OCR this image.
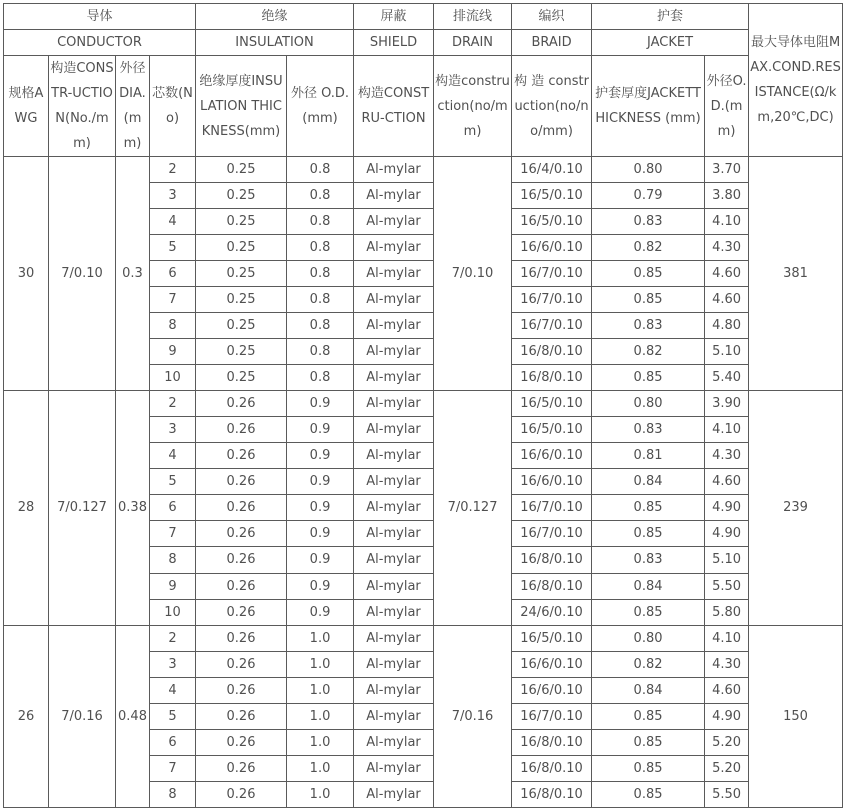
导体				绝缘		屏蔽	排流线	编织	护套		最大导体电阻MAX.COND.RESISTANCE(Ω/km,20℃,DC)
CONDUCTOR				INSULATION		SHIELD	DRAIN	BRAID	JACKET		
规格AWG	构造CONSTR-UCTION(No./mm)	外径DIA.(mm)	芯数(No)	绝缘厚度INSULATION THICKNESS(mm)	外径 O.D.(mm)	构造CONSTRU-CTION	构造construction(no/mm)	构 造 construction(no/no/mm)	护套厚度JACKETTHICKNESS (mm)	外径O.D.(mm)	
30	7/0.10	0.3	2	0.25	0.8	Al-mylar	7/0.10	16/4/0.10	0.80	3.70	381
			3	0.25	0.8	Al-mylar		16/5/0.10	0.79	3.80	
			4	0.25	0.8	Al-mylar		16/5/0.10	0.83	4.10	
			5	0.25	0.8	Al-mylar		16/6/0.10	0.82	4.30	
			6	0.25	0.8	Al-mylar		16/7/0.10	0.85	4.60	
			7	0.25	0.8	Al-mylar		16/7/0.10	0.85	4.60	
			8	0.25	0.8	Al-mylar		16/7/0.10	0.83	4.80	
			9	0.25	0.8	Al-mylar		16/8/0.10	0.82	5.10	
			10	0.25	0.8	Al-mylar		16/8/0.10	0.85	5.40	
28	7/0.127	0.38	2	0.26	0.9	Al-mylar	7/0.127	16/5/0.10	0.80	3.90	239
			3	0.26	0.9	Al-mylar		16/5/0.10	0.83	4.10	
			4	0.26	0.9	Al-mylar		16/6/0.10	0.81	4.30	
			5	0.26	0.9	Al-mylar		16/6/0.10	0.84	4.60	
			6	0.26	0.9	Al-mylar		16/7/0.10	0.85	4.90	
			7	0.26	0.9	Al-mylar		16/7/0.10	0.85	4.90	
			8	0.26	0.9	Al-mylar		16/8/0.10	0.83	5.10	
			9	0.26	0.9	Al-mylar		16/8/0.10	0.84	5.50	
			10	0.26	0.9	Al-mylar		24/6/0.10	0.85	5.80	
26	7/0.16	0.48	2	0.26	1.0	Al-mylar	7/0.16	16/5/0.10	0.80	4.10	150
			3	0.26	1.0	Al-mylar		16/6/0.10	0.82	4.30	
			4	0.26	1.0	Al-mylar		16/6/0.10	0.84	4.60	
			5	0.26	1.0	Al-mylar		16/7/0.10	0.85	4.90	
			6	0.26	1.0	Al-mylar		16/8/0.10	0.85	5.20	
			7	0.26	1.0	Al-mylar		16/8/0.10	0.85	5.20	
			8	0.26	1.0	Al-mylar		16/8/0.10	0.85	5.50	
